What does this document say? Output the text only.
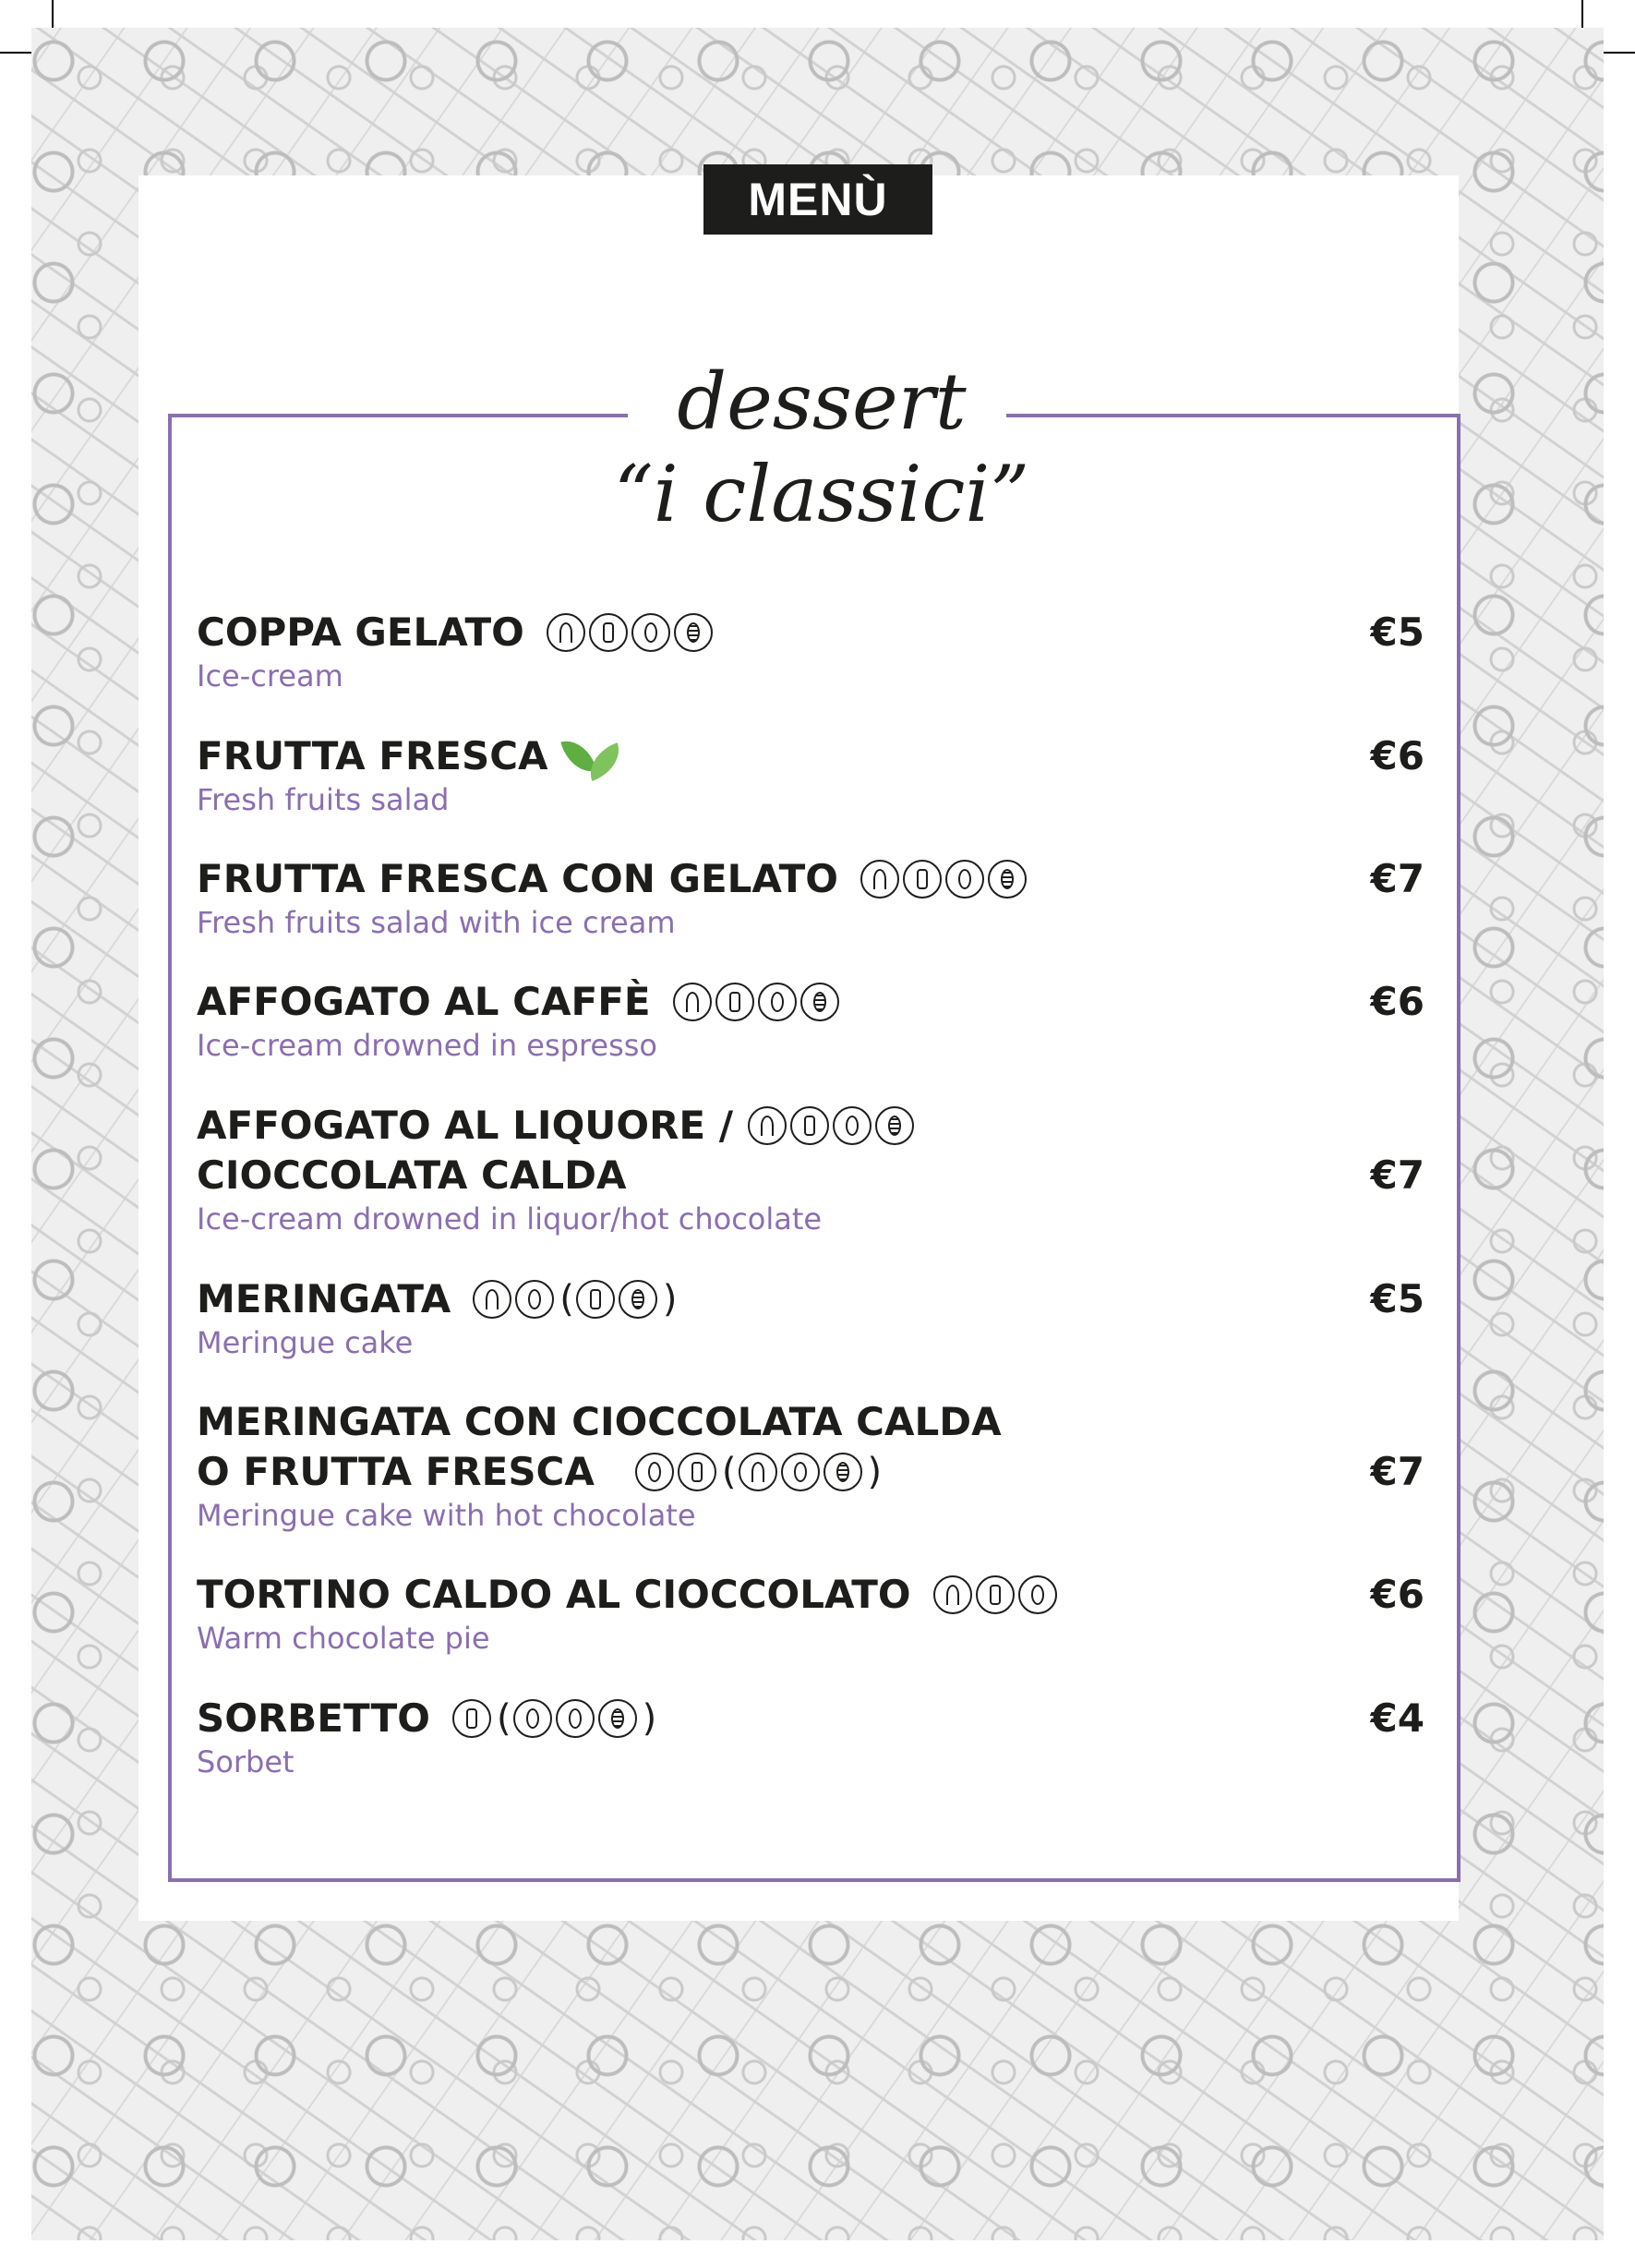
MENÙ
dessert
“i classici”
COPPA GELATO
Ice-cream
€5
FRUTTA FRESCA
Fresh fruits salad
€6
FRUTTA FRESCA CON GELATO
Fresh fruits salad with ice cream
€7
AFFOGATO AL CAFFÈ
Ice-cream drowned in espresso
€6
AFFOGATO AL LIQUORE /
CIOCCOLATA CALDA
Ice-cream drowned in liquor/hot chocolate
€7
MERINGATA	( )
Meringue cake
€5
MERINGATA CON CIOCCOLATA CALDA
O FRUTTA FRESCA	(	)
Meringue cake with hot chocolate
€7
TORTINO CALDO AL CIOCCOLATO
Warm chocolate pie
€6
SORBETTO (	)
Sorbet
€4
